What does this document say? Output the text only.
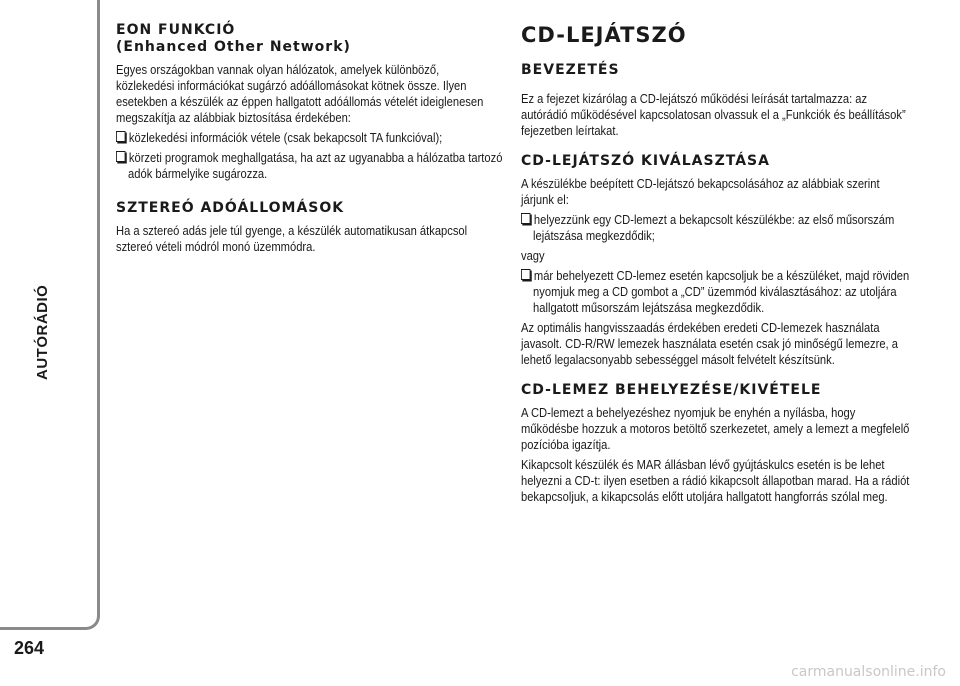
AUTÓRÁDIÓ
264
carmanualsonline.info
EON FUNKCIÓ
(Enhanced Other Network)

Egyes országokban vannak olyan hálózatok, amelyek különböző, közlekedési információkat sugárzó adóállomásokat kötnek össze. Ilyen esetekben a készülék az éppen hallgatott adóállomás vételét ideiglenesen megszakítja az alábbiak biztosítása érdekében:

közlekedési információk vétele (csak bekapcsolt TA funkcióval);

körzeti programok meghallgatása, ha azt az ugyanabba a hálózatba tartozó adók bármelyike sugározza.

SZTEREÓ ADÓÁLLOMÁSOK

Ha a sztereó adás jele túl gyenge, a készülék automatikusan átkapcsol sztereó vételi módról monó üzemmódra.

CD-LEJÁTSZÓ
BEVEZETÉS

Ez a fejezet kizárólag a CD-lejátszó működési leírását tartalmazza: az autórádió működésével kapcsolatosan olvassuk el a „Funkciók és beállítások” fejezetben leírtakat.

CD-LEJÁTSZÓ KIVÁLASZTÁSA

A készülékbe beépített CD-lejátszó bekapcsolásához az alábbiak szerint járjunk el:

helyezzünk egy CD-lemezt a bekapcsolt készülékbe: az első műsorszám lejátszása megkezdődik;

vagy

már behelyezett CD-lemez esetén kapcsoljuk be a készüléket, majd röviden nyomjuk meg a CD gombot a „CD” üzemmód kiválasztásához: az utoljára hallgatott műsorszám lejátszása megkezdődik.

Az optimális hangvisszaadás érdekében eredeti CD-lemezek használata javasolt. CD-R/RW lemezek használata esetén csak jó minőségű lemezre, a lehető legalacsonyabb sebességgel másolt felvételt készítsünk.

CD-LEMEZ BEHELYEZÉSE/KIVÉTELE

A CD-lemezt a behelyezéshez nyomjuk be enyhén a nyílásba, hogy működésbe hozzuk a motoros betöltő szerkezetet, amely a lemezt a megfelelő pozícióba igazítja.

Kikapcsolt készülék és MAR állásban lévő gyújtáskulcs esetén is be lehet helyezni a CD-t: ilyen esetben a rádió kikapcsolt állapotban marad. Ha a rádiót bekapcsoljuk, a kikapcsolás előtt utoljára hallgatott hangforrás szólal meg.
